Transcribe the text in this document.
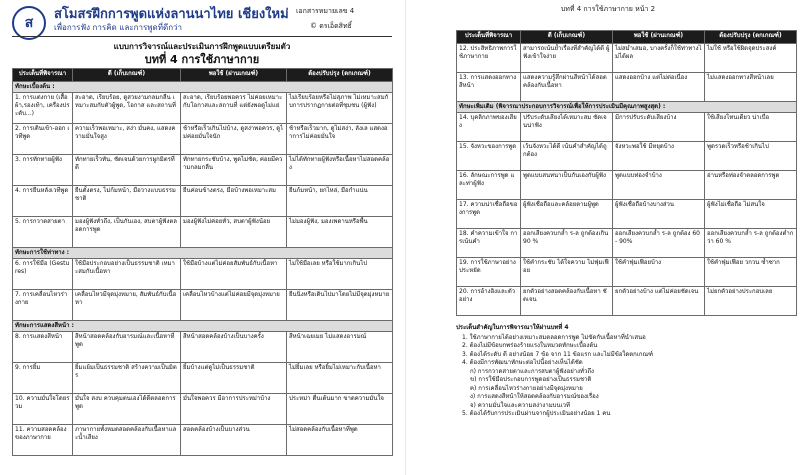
ส
สโมสรฝึกการพูดแห่งลานนาไทย เชียงใหม่
เพื่อการฟัง การคิด และการพูดที่ดีกว่า
เอกสารหมายเลข 4
© ดรเอ็ดสิทธิ์
แบบการวิจารณ์และประเมินการฝึกพูดแบบเตรียมตัว
บทที่ 4 การใช้ภาษากาย
ประเด็นที่พิจารณา	ดี (เก็บเกณฑ์)	พอใช้ (ผ่านเกณฑ์)	ต้องปรับปรุง (ตกเกณฑ์)
ทักษะเบื้องต้น :			
1. การแต่งกาย (เสื้อผ้า,รองเท้า, เครื่องประดับ...)	สะอาด, เรียบร้อย, ดูสวยงามกลมกลืน เหมาะสมกับตัวผู้พูด, โอกาส และสถานที่	สะอาด, เรียบร้อยพอควร ไม่ค่อยเหมาะกับโอกาสและสถานที่ แต่ยังพอดูไม่แย่	ไม่เรียบร้อยหรือไม่สุภาพ ไม่เหมาะสมกับการปรากฏกายต่อที่ชุมชน (ผู้ฟัง)
2. การเดินเข้า-ออก เวทีพูด	ความเร็วพอเหมาะ, สง่า มั่นคง, แสดงความมั่นใจสูง	ช้าหรือเร็วเกินไปบ้าง, ดูสง่าพอควร, ดูไม่ค่อยมั่นใจนัก	ช้าหรือเร็วมาก, ดูไม่สง่า, ลังเล แสดงอาการไม่ค่อยมั่นใจ
3. การทักทายผู้ฟัง	ทักทายเร็วทัน, ชัดเจนด้วยการผูกมิตรที่ดี	ทักทายกระชับบ้าง, พูดไม่ชัด, ค่อยมีความกลมกลืน	ไม่ได้ทักทายผู้ฟังหรือเนื้อหาไม่สอดคล้อง
4. การยืนหลังเวทีพูด	ยืนตั้งตรง, ไม่ก้มหน้า, มือวางแบบธรรมชาติ	ยืนค่อนข้างตรง, มือบ้างพอเหมาะสม	ยืนก้มหน้า, ยกไหล่, มือกำแน่น
5. การกวาดสายตา	มองผู้ฟังทั่วถึง, เป็นกันเอง, สบตาผู้ฟังตลอดการพูด	มองผู้ฟังไม่ค่อยทั่ว, สบตาผู้ฟังน้อย	ไม่มองผู้ฟัง, มองเพดานหรือพื้น
ทักษะการใช้ท่าทาง :			
6. การใช้มือ (Gestures)	ใช้มือประกอบอย่างเป็นธรรมชาติ เหมาะสมกับเนื้อหา	ใช้มือบ้างแต่ไม่ค่อยสัมพันธ์กับเนื้อหา	ไม่ใช้มือเลย หรือใช้มากเกินไป
7. การเคลื่อนไหวร่างกาย	เคลื่อนไหวมีจุดมุ่งหมาย, สัมพันธ์กับเนื้อหา	เคลื่อนไหวบ้างแต่ไม่ค่อยมีจุดมุ่งหมาย	ยืนนิ่งหรือเดินไปมาโดยไม่มีจุดมุ่งหมาย
ทักษะการแสดงสีหน้า :			
8. การแสดงสีหน้า	สีหน้าสอดคล้องกับอารมณ์และเนื้อหาที่พูด	สีหน้าสอดคล้องบ้างเป็นบางครั้ง	สีหน้าเฉยเมย ไม่แสดงอารมณ์
9. การยิ้ม	ยิ้มแย้มเป็นธรรมชาติ สร้างความเป็นมิตร	ยิ้มบ้างแต่ดูไม่เป็นธรรมชาติ	ไม่ยิ้มเลย หรือยิ้มไม่เหมาะกับเนื้อหา
10. ความมั่นใจโดยรวม	มั่นใจ สงบ ควบคุมตนเองได้ดีตลอดการพูด	มั่นใจพอควร มีอาการประหม่าบ้าง	ประหม่า ตื่นเต้นมาก ขาดความมั่นใจ
11. ความสอดคล้องของภาษากาย	ภาษากายทั้งหมดสอดคล้องกับเนื้อหาและน้ำเสียง	สอดคล้องบ้างเป็นบางส่วน	ไม่สอดคล้องกับเนื้อหาที่พูด
บทที่ 4 การใช้ภาษากาย หน้า 2
ประเด็นที่พิจารณา	ดี (เก็บเกณฑ์)	พอใช้ (ผ่านเกณฑ์)	ต้องปรับปรุง (ตกเกณฑ์)
12. ประสิทธิภาพการใช้ภาษากาย	สามารถเน้นย้ำเรื่องที่สำคัญได้ดี ผู้ฟังเข้าใจง่าย	ไม่สม่ำเสมอ, บางครั้งก็ใช้ท่าทางไม่ได้ผล	ไม่ใช้ หรือใช้ผิดจุดประสงค์
13. การแสดงออกทางสีหน้า	แสดงความรู้สึกผ่านสีหน้าได้สอดคล้องกับเนื้อหา	แสดงออกบ้าง แต่ไม่ต่อเนื่อง	ไม่แสดงออกทางสีหน้าเลย
ทักษะเพิ่มเติม (พิจารณาประกอบการวิจารณ์เพื่อให้การประเมินมีคุณภาพสูงสุด) :			
14. บุคลิกภาพของเสียง	ปรับระดับเสียงได้เหมาะสม ชัดเจนน่าฟัง	มีการปรับระดับเสียงบ้าง	ใช้เสียงโทนเดียว น่าเบื่อ
15. จังหวะของการพูด	เว้นจังหวะได้ดี เน้นคำสำคัญได้ถูกต้อง	จังหวะพอใช้ มีหยุดบ้าง	พูดรวดเร็วหรือช้าเกินไป
16. ลักษณะการพูด และท่าผู้ฟัง	พูดแบบสนทนาเป็นกันเองกับผู้ฟัง	พูดแบบท่องจำบ้าง	อ่านหรือท่องจำตลอดการพูด
17. ความน่าเชื่อถือของการพูด	ผู้ฟังเชื่อถือและคล้อยตามผู้พูด	ผู้ฟังเชื่อถือบ้างบางส่วน	ผู้ฟังไม่เชื่อถือ ไม่สนใจ
18. คำความเข้าใจ การเน้นคำ	ออกเสียงควบกล้ำ ร-ล ถูกต้องเกิน 90 %	ออกเสียงควบกล้ำ ร-ล ถูกต้อง 60 - 90%	ออกเสียงควบกล้ำ ร-ล ถูกต้องต่ำกว่า 60 %
19. การใช้ภาษาอย่างประหยัด	ใช้คำกระชับ ได้ใจความ ไม่ฟุ่มเฟือย	ใช้คำฟุ่มเฟือยบ้าง	ใช้คำฟุ่มเฟือย วกวน ซ้ำซาก
20. การอ้างอิงและตัวอย่าง	ยกตัวอย่างสอดคล้องกับเนื้อหา ชัดเจน	ยกตัวอย่างบ้าง แต่ไม่ค่อยชัดเจน	ไม่ยกตัวอย่างประกอบเลย
ประเด็นสำคัญในการพิจารณาให้ผ่านบทที่ 4
1. ใช้ภาษากายได้อย่างเหมาะสมตลอดการพูด ไม่ขัดกับเนื้อหาที่นำเสนอ
2. ต้องไม่มีข้อบกพร่องร้ายแรงในหมวดทักษะเบื้องต้น
3. ต้องได้ระดับ ดี อย่างน้อย 7 ข้อ จาก 11 ข้อแรก และไม่มีข้อใดตกเกณฑ์
4. ต้องมีการพัฒนาทักษะต่อไปนี้อย่างเห็นได้ชัด
ก) การกวาดสายตาและการสบตาผู้ฟังอย่างทั่วถึง
ข) การใช้มือประกอบการพูดอย่างเป็นธรรมชาติ
ค) การเคลื่อนไหวร่างกายอย่างมีจุดมุ่งหมาย
ง) การแสดงสีหน้าให้สอดคล้องกับอารมณ์ของเรื่อง
จ) ความมั่นใจและความสง่างามบนเวที
5. ต้องได้รับการประเมินผ่านจากผู้ประเมินอย่างน้อย 1 คน
